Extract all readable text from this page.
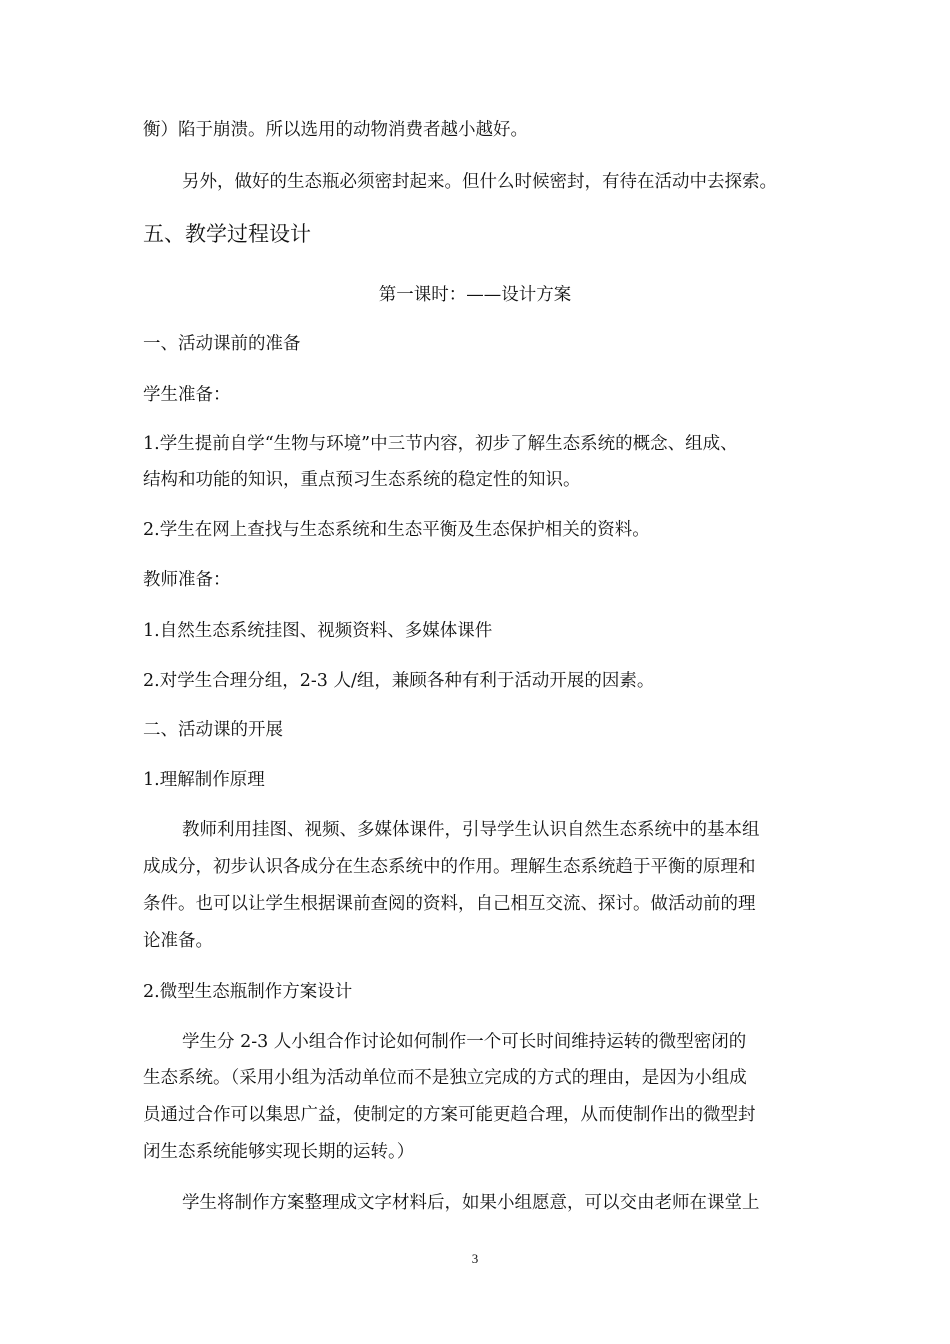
衡）陷于崩溃。所以选用的动物消费者越小越好。

另外，做好的生态瓶必须密封起来。但什么时候密封，有待在活动中去探索。

五、教学过程设计

第一课时：——设计方案

一、活动课前的准备

学生准备：

1.学生提前自学“生物与环境”中三节内容，初步了解生态系统的概念、组成、

结构和功能的知识，重点预习生态系统的稳定性的知识。

2.学生在网上查找与生态系统和生态平衡及生态保护相关的资料。

教师准备：

1.自然生态系统挂图、视频资料、多媒体课件

2.对学生合理分组，2-3 人/组，兼顾各种有利于活动开展的因素。

二、活动课的开展

1.理解制作原理

教师利用挂图、视频、多媒体课件，引导学生认识自然生态系统中的基本组

成成分，初步认识各成分在生态系统中的作用。理解生态系统趋于平衡的原理和

条件。也可以让学生根据课前查阅的资料，自己相互交流、探讨。做活动前的理

论准备。

2.微型生态瓶制作方案设计

学生分 2-3 人小组合作讨论如何制作一个可长时间维持运转的微型密闭的

生态系统。（采用小组为活动单位而不是独立完成的方式的理由，是因为小组成

员通过合作可以集思广益，使制定的方案可能更趋合理，从而使制作出的微型封

闭生态系统能够实现长期的运转。）

学生将制作方案整理成文字材料后，如果小组愿意，可以交由老师在课堂上

3
